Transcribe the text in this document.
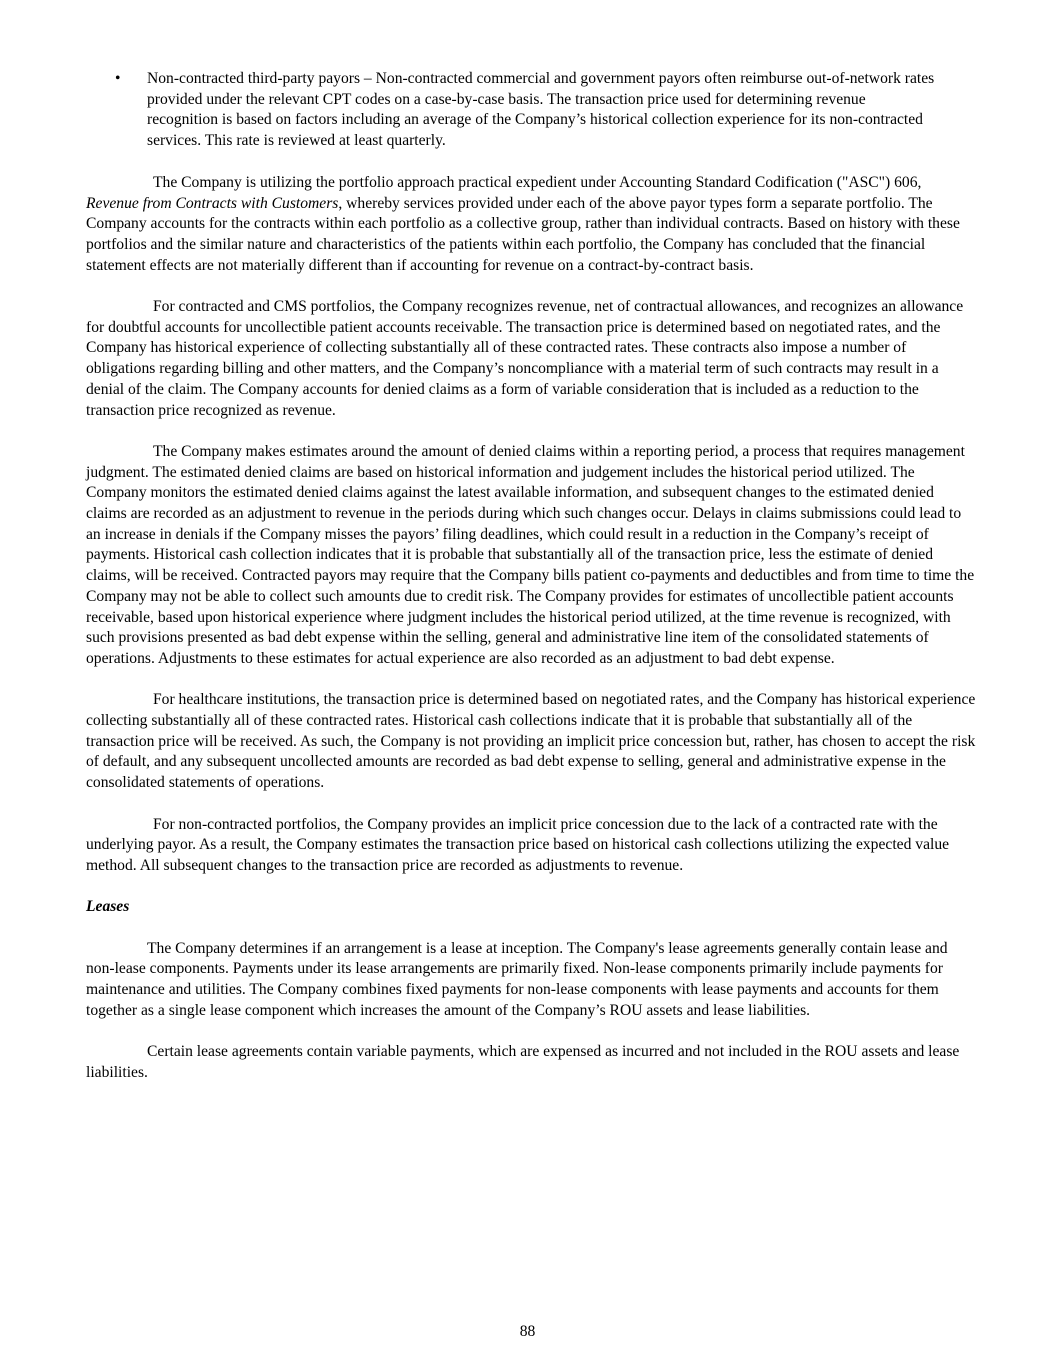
• Non-contracted third-party payors – Non-contracted commercial and government payors often reimburse out-of-network rates provided under the relevant CPT codes on a case-by-case basis. The transaction price used for determining revenue recognition is based on factors including an average of the Company’s historical collection experience for its non-contracted services. This rate is reviewed at least quarterly.

The Company is utilizing the portfolio approach practical expedient under Accounting Standard Codification ("ASC") 606, Revenue from Contracts with Customers, whereby services provided under each of the above payor types form a separate portfolio. The Company accounts for the contracts within each portfolio as a collective group, rather than individual contracts. Based on history with these portfolios and the similar nature and characteristics of the patients within each portfolio, the Company has concluded that the financial statement effects are not materially different than if accounting for revenue on a contract-by-contract basis.

For contracted and CMS portfolios, the Company recognizes revenue, net of contractual allowances, and recognizes an allowance for doubtful accounts for uncollectible patient accounts receivable. The transaction price is determined based on negotiated rates, and the Company has historical experience of collecting substantially all of these contracted rates. These contracts also impose a number of obligations regarding billing and other matters, and the Company’s noncompliance with a material term of such contracts may result in a denial of the claim. The Company accounts for denied claims as a form of variable consideration that is included as a reduction to the transaction price recognized as revenue.

The Company makes estimates around the amount of denied claims within a reporting period, a process that requires management judgment. The estimated denied claims are based on historical information and judgement includes the historical period utilized. The Company monitors the estimated denied claims against the latest available information, and subsequent changes to the estimated denied claims are recorded as an adjustment to revenue in the periods during which such changes occur. Delays in claims submissions could lead to an increase in denials if the Company misses the payors’ filing deadlines, which could result in a reduction in the Company’s receipt of payments. Historical cash collection indicates that it is probable that substantially all of the transaction price, less the estimate of denied claims, will be received. Contracted payors may require that the Company bills patient co-payments and deductibles and from time to time the Company may not be able to collect such amounts due to credit risk. The Company provides for estimates of uncollectible patient accounts receivable, based upon historical experience where judgment includes the historical period utilized, at the time revenue is recognized, with such provisions presented as bad debt expense within the selling, general and administrative line item of the consolidated statements of operations. Adjustments to these estimates for actual experience are also recorded as an adjustment to bad debt expense.

For healthcare institutions, the transaction price is determined based on negotiated rates, and the Company has historical experience collecting substantially all of these contracted rates. Historical cash collections indicate that it is probable that substantially all of the transaction price will be received. As such, the Company is not providing an implicit price concession but, rather, has chosen to accept the risk of default, and any subsequent uncollected amounts are recorded as bad debt expense to selling, general and administrative expense in the consolidated statements of operations.

For non-contracted portfolios, the Company provides an implicit price concession due to the lack of a contracted rate with the underlying payor. As a result, the Company estimates the transaction price based on historical cash collections utilizing the expected value method. All subsequent changes to the transaction price are recorded as adjustments to revenue.

Leases

The Company determines if an arrangement is a lease at inception. The Company's lease agreements generally contain lease and non-lease components. Payments under its lease arrangements are primarily fixed. Non-lease components primarily include payments for maintenance and utilities. The Company combines fixed payments for non-lease components with lease payments and accounts for them together as a single lease component which increases the amount of the Company’s ROU assets and lease liabilities.

Certain lease agreements contain variable payments, which are expensed as incurred and not included in the ROU assets and lease liabilities.

88
